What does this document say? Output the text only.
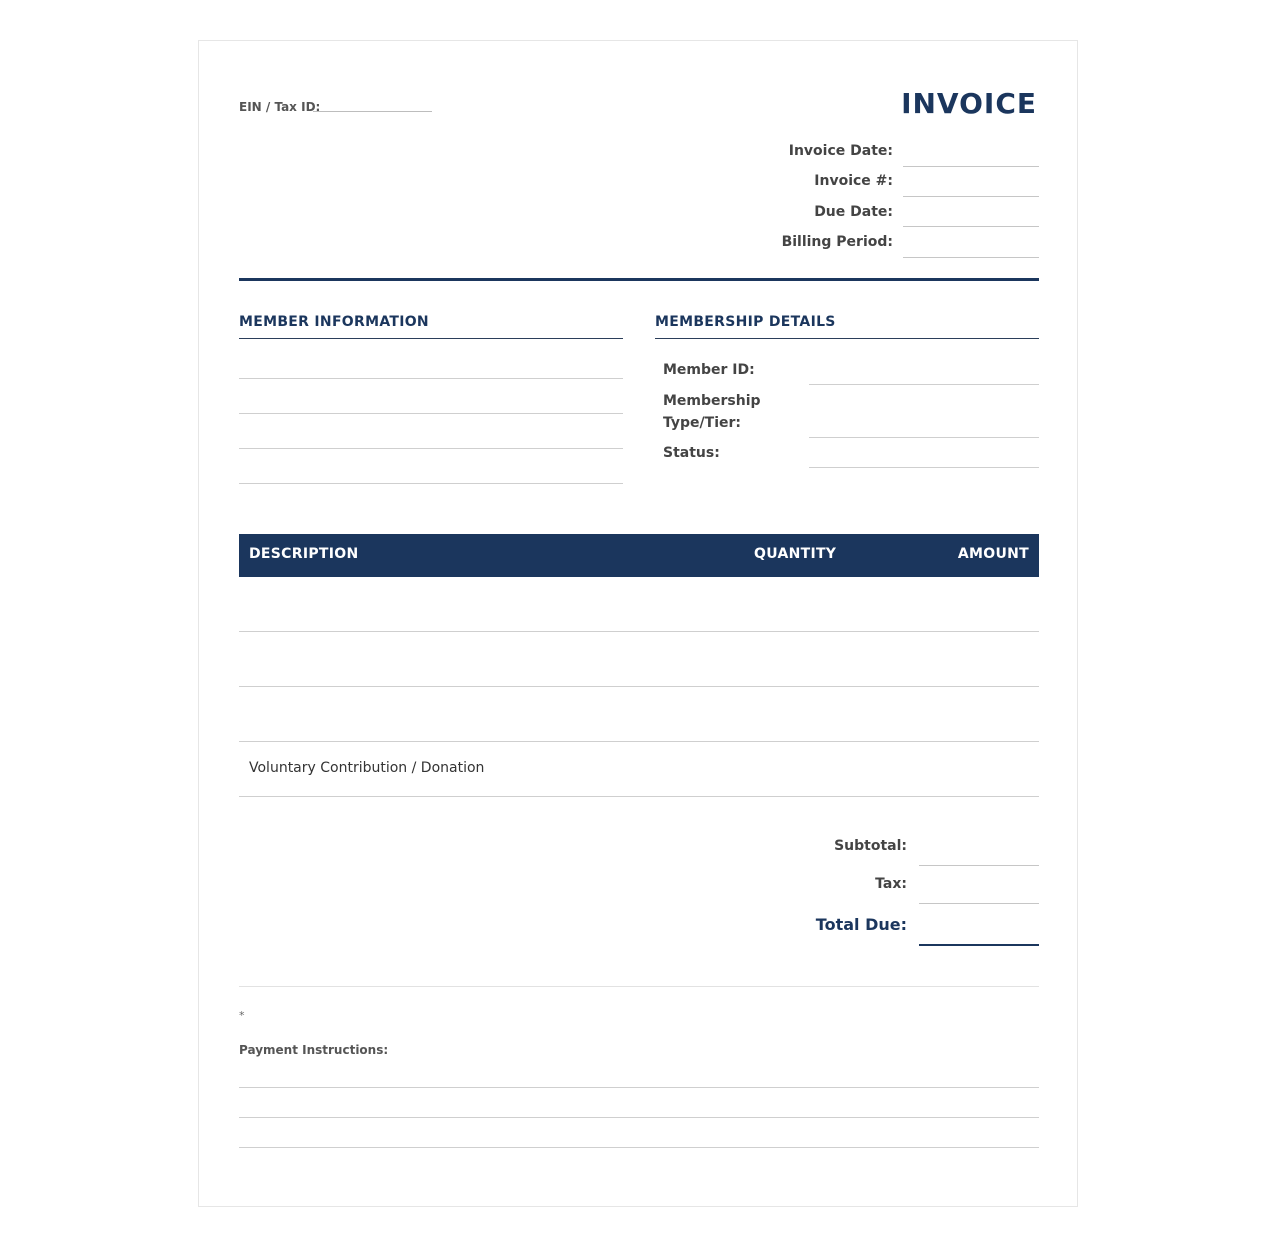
EIN / Tax ID:	INVOICE
Invoice Date:
Invoice #:
Due Date:
Billing Period:
MEMBER INFORMATION	MEMBERSHIP DETAILS
Member ID:
Membership Type/Tier:
Status:
DESCRIPTION	QUANTITY	AMOUNT
Voluntary Contribution / Donation
Subtotal:
Tax:
Total Due:
*
Payment Instructions:
